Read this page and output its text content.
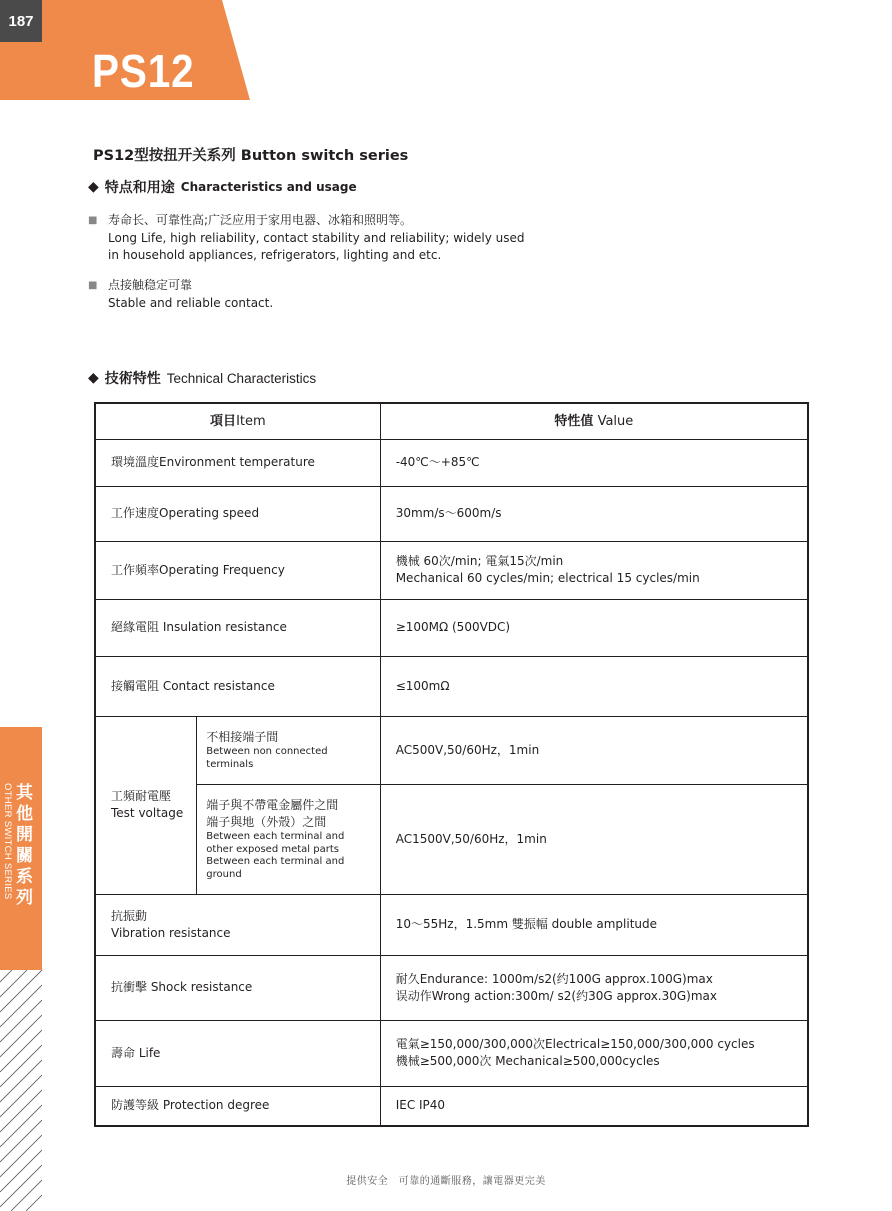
187
PS12
PS12型按扭开关系列 Button switch series
◆ 特点和用途 Characteristics and usage
■ 寿命长、可靠性高;广泛应用于家用电器、冰箱和照明等。
Long Life, high reliability, contact stability and reliability; widely used
in household appliances, refrigerators, lighting and etc.
■ 点接触稳定可靠
Stable and reliable contact.
◆ 技術特性 Technical Characteristics
項目Item		特性值 Value
環境溫度Environment temperature		-40℃～+85℃
工作速度Operating speed		30mm/s～600m/s
工作頻率Operating Frequency		機械 60次/min; 電氣15次/min
Mechanical 60 cycles/min; electrical 15 cycles/min

絕緣電阻 Insulation resistance		≥100MΩ (500VDC)
接觸電阻 Contact resistance		≤100mΩ

工頻耐電壓
Test voltage	不相接端子間
Between non connected terminals	AC500V,50/60Hz，1min

	端子與不帶電金屬件之間
端子與地（外殼）之間
Between each terminal and
other exposed metal parts
Between each terminal and ground	AC1500V,50/60Hz，1min

抗振動
Vibration resistance		10～55Hz，1.5mm 雙振幅 double amplitude
抗衝擊 Shock resistance		耐久Endurance: 1000m/s2(约100G approx.100G)max
误动作Wrong action:300m/ s2(约30G approx.30G)max

壽命 Life		電氣≥150,000/300,000次Electrical≥150,000/300,000 cycles
機械≥500,000次 Mechanical≥500,000cycles

防護等級 Protection degree		IEC IP40
其他開關系列
OTHER SWITCH SERIES
提供安全　可靠的通斷服務，讓電器更完美
